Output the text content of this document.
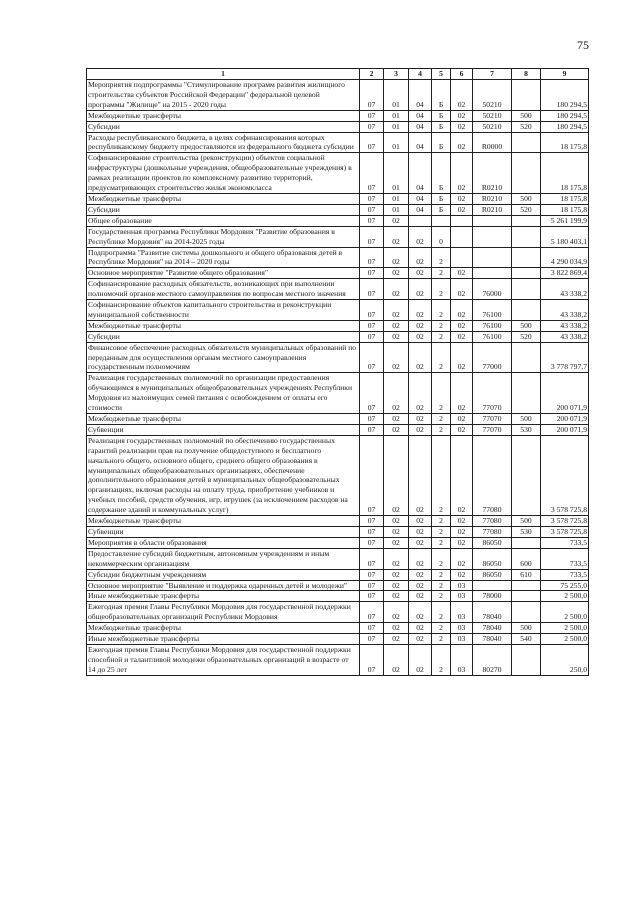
75
1	2	3	4	5	6	7	8	9
Мероприятия подпрограммы "Стимулирование программ развития жилищного строительства субъектов Российской Федерации" федеральной целевой программы "Жилище" на 2015 - 2020 годы	07	01	04	Б	02	50210		180 294,5
Межбюджетные трансферты	07	01	04	Б	02	50210	500	180 294,5
Субсидии	07	01	04	Б	02	50210	520	180 294,5
Расходы республиканского бюджета, в целях софинансирования которых республиканскому бюджету предоставляются из федерального бюджета субсидии	07	01	04	Б	02	R0000		18 175,8
Софинансирование строительства (реконструкции) объектов социальной инфраструктуры (дошкольные учреждения, общеобразовательные учреждения) в рамках реализации проектов по комплексному развитию территорий, предусматривающих строительство жилья экономкласса	07	01	04	Б	02	R0210		18 175,8
Межбюджетные трансферты	07	01	04	Б	02	R0210	500	18 175,8
Субсидии	07	01	04	Б	02	R0210	520	18 175,8
Общее образование	07	02						5 261 199,9
Государственная программа Республики Мордовия "Развитие образования в Республике Мордовия" на 2014-2025 годы	07	02	02	0				5 180 403,1
Подпрограмма "Развитие системы дошкольного и общего образования детей в Республике Мордовия" на 2014 – 2020 годы	07	02	02	2				4 290 034,9
Основное мероприятие "Развитие общего образования"	07	02	02	2	02			3 822 869,4
Софинансирование расходных обязательств, возникающих при выполнении полномочий органов местного самоуправления по вопросам местного значения	07	02	02	2	02	76000		43 338,2
Софинансирование объектов капитального строительства и реконструкции муниципальной собственности	07	02	02	2	02	76100		43 338,2
Межбюджетные трансферты	07	02	02	2	02	76100	500	43 338,2
Субсидии	07	02	02	2	02	76100	520	43 338,2
Финансовое обеспечение расходных обязательств муниципальных образований по переданным для осуществления органам местного самоуправления государственным полномочиям	07	02	02	2	02	77000		3 778 797,7
Реализация государственных полномочий по организации предоставления обучающимся в муниципальных общеобразовательных учреждениях Республики Мордовия из малоимущих семей питания с освобождением от оплаты его стоимости	07	02	02	2	02	77070		200 071,9
Межбюджетные трансферты	07	02	02	2	02	77070	500	200 071,9
Субвенции	07	02	02	2	02	77070	530	200 071,9
Реализация государственных полномочий по обеспечению государственных гарантий реализации прав на получение общедоступного и бесплатного начального общего, основного общего, среднего общего образования в муниципальных общеобразовательных организациях, обеспечение дополнительного образования детей в муниципальных общеобразовательных организациях, включая расходы на оплату труда, приобретение учебников и учебных пособий, средств обучения, игр, игрушек (за исключением расходов на содержание зданий и коммунальных услуг)	07	02	02	2	02	77080		3 578 725,8
Межбюджетные трансферты	07	02	02	2	02	77080	500	3 578 725,8
Субвенции	07	02	02	2	02	77080	530	3 578 725,8
Мероприятия в области образования	07	02	02	2	02	86050		733,5
Предоставление субсидий бюджетным, автономным учреждениям и иным некоммерческим организациям	07	02	02	2	02	86050	600	733,5
Субсидии бюджетным учреждениям	07	02	02	2	02	86050	610	733,5
Основное мероприятие "Выявление и поддержка одаренных детей и молодежи"	07	02	02	2	03			75 255,0
Иные межбюджетные трансферты	07	02	02	2	03	78000		2 500,0
Ежегодная премия Главы Республики Мордовия для государственной поддержки общеобразовательных организаций Республики Мордовия	07	02	02	2	03	78040		2 500,0
Межбюджетные трансферты	07	02	02	2	03	78040	500	2 500,0
Иные межбюджетные трансферты	07	02	02	2	03	78040	540	2 500,0
Ежегодная премия Главы Республики Мордовия для государственной поддержки способной и талантливой молодежи образовательных организаций в возрасте от 14 до 25 лет	07	02	02	2	03	80270		250,0
